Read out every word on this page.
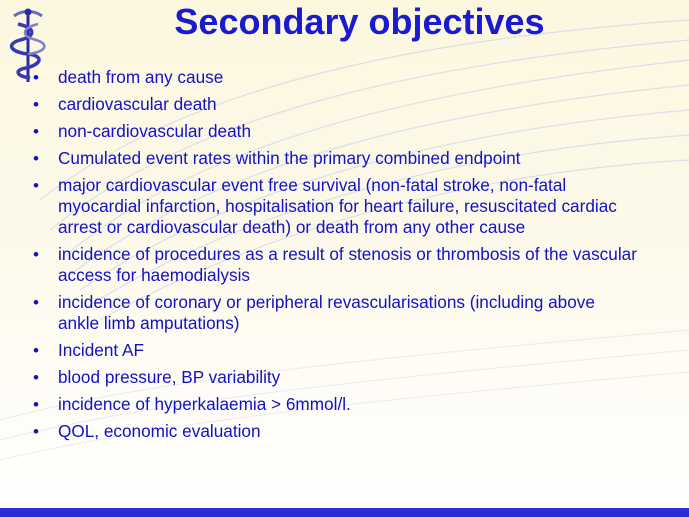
Secondary objectives
• death from any cause
• cardiovascular death
• non-cardiovascular death
• Cumulated event rates within the primary combined endpoint
• major cardiovascular event free survival (non-fatal stroke, non-fatal myocardial infarction, hospitalisation for heart failure, resuscitated cardiac arrest or cardiovascular death) or death from any other cause
• incidence of procedures as a result of stenosis or thrombosis of the vascular access for haemodialysis
• incidence of coronary or peripheral revascularisations (including above ankle limb amputations)
• Incident AF
• blood pressure, BP variability
• incidence of hyperkalaemia > 6mmol/l.
• QOL, economic evaluation
